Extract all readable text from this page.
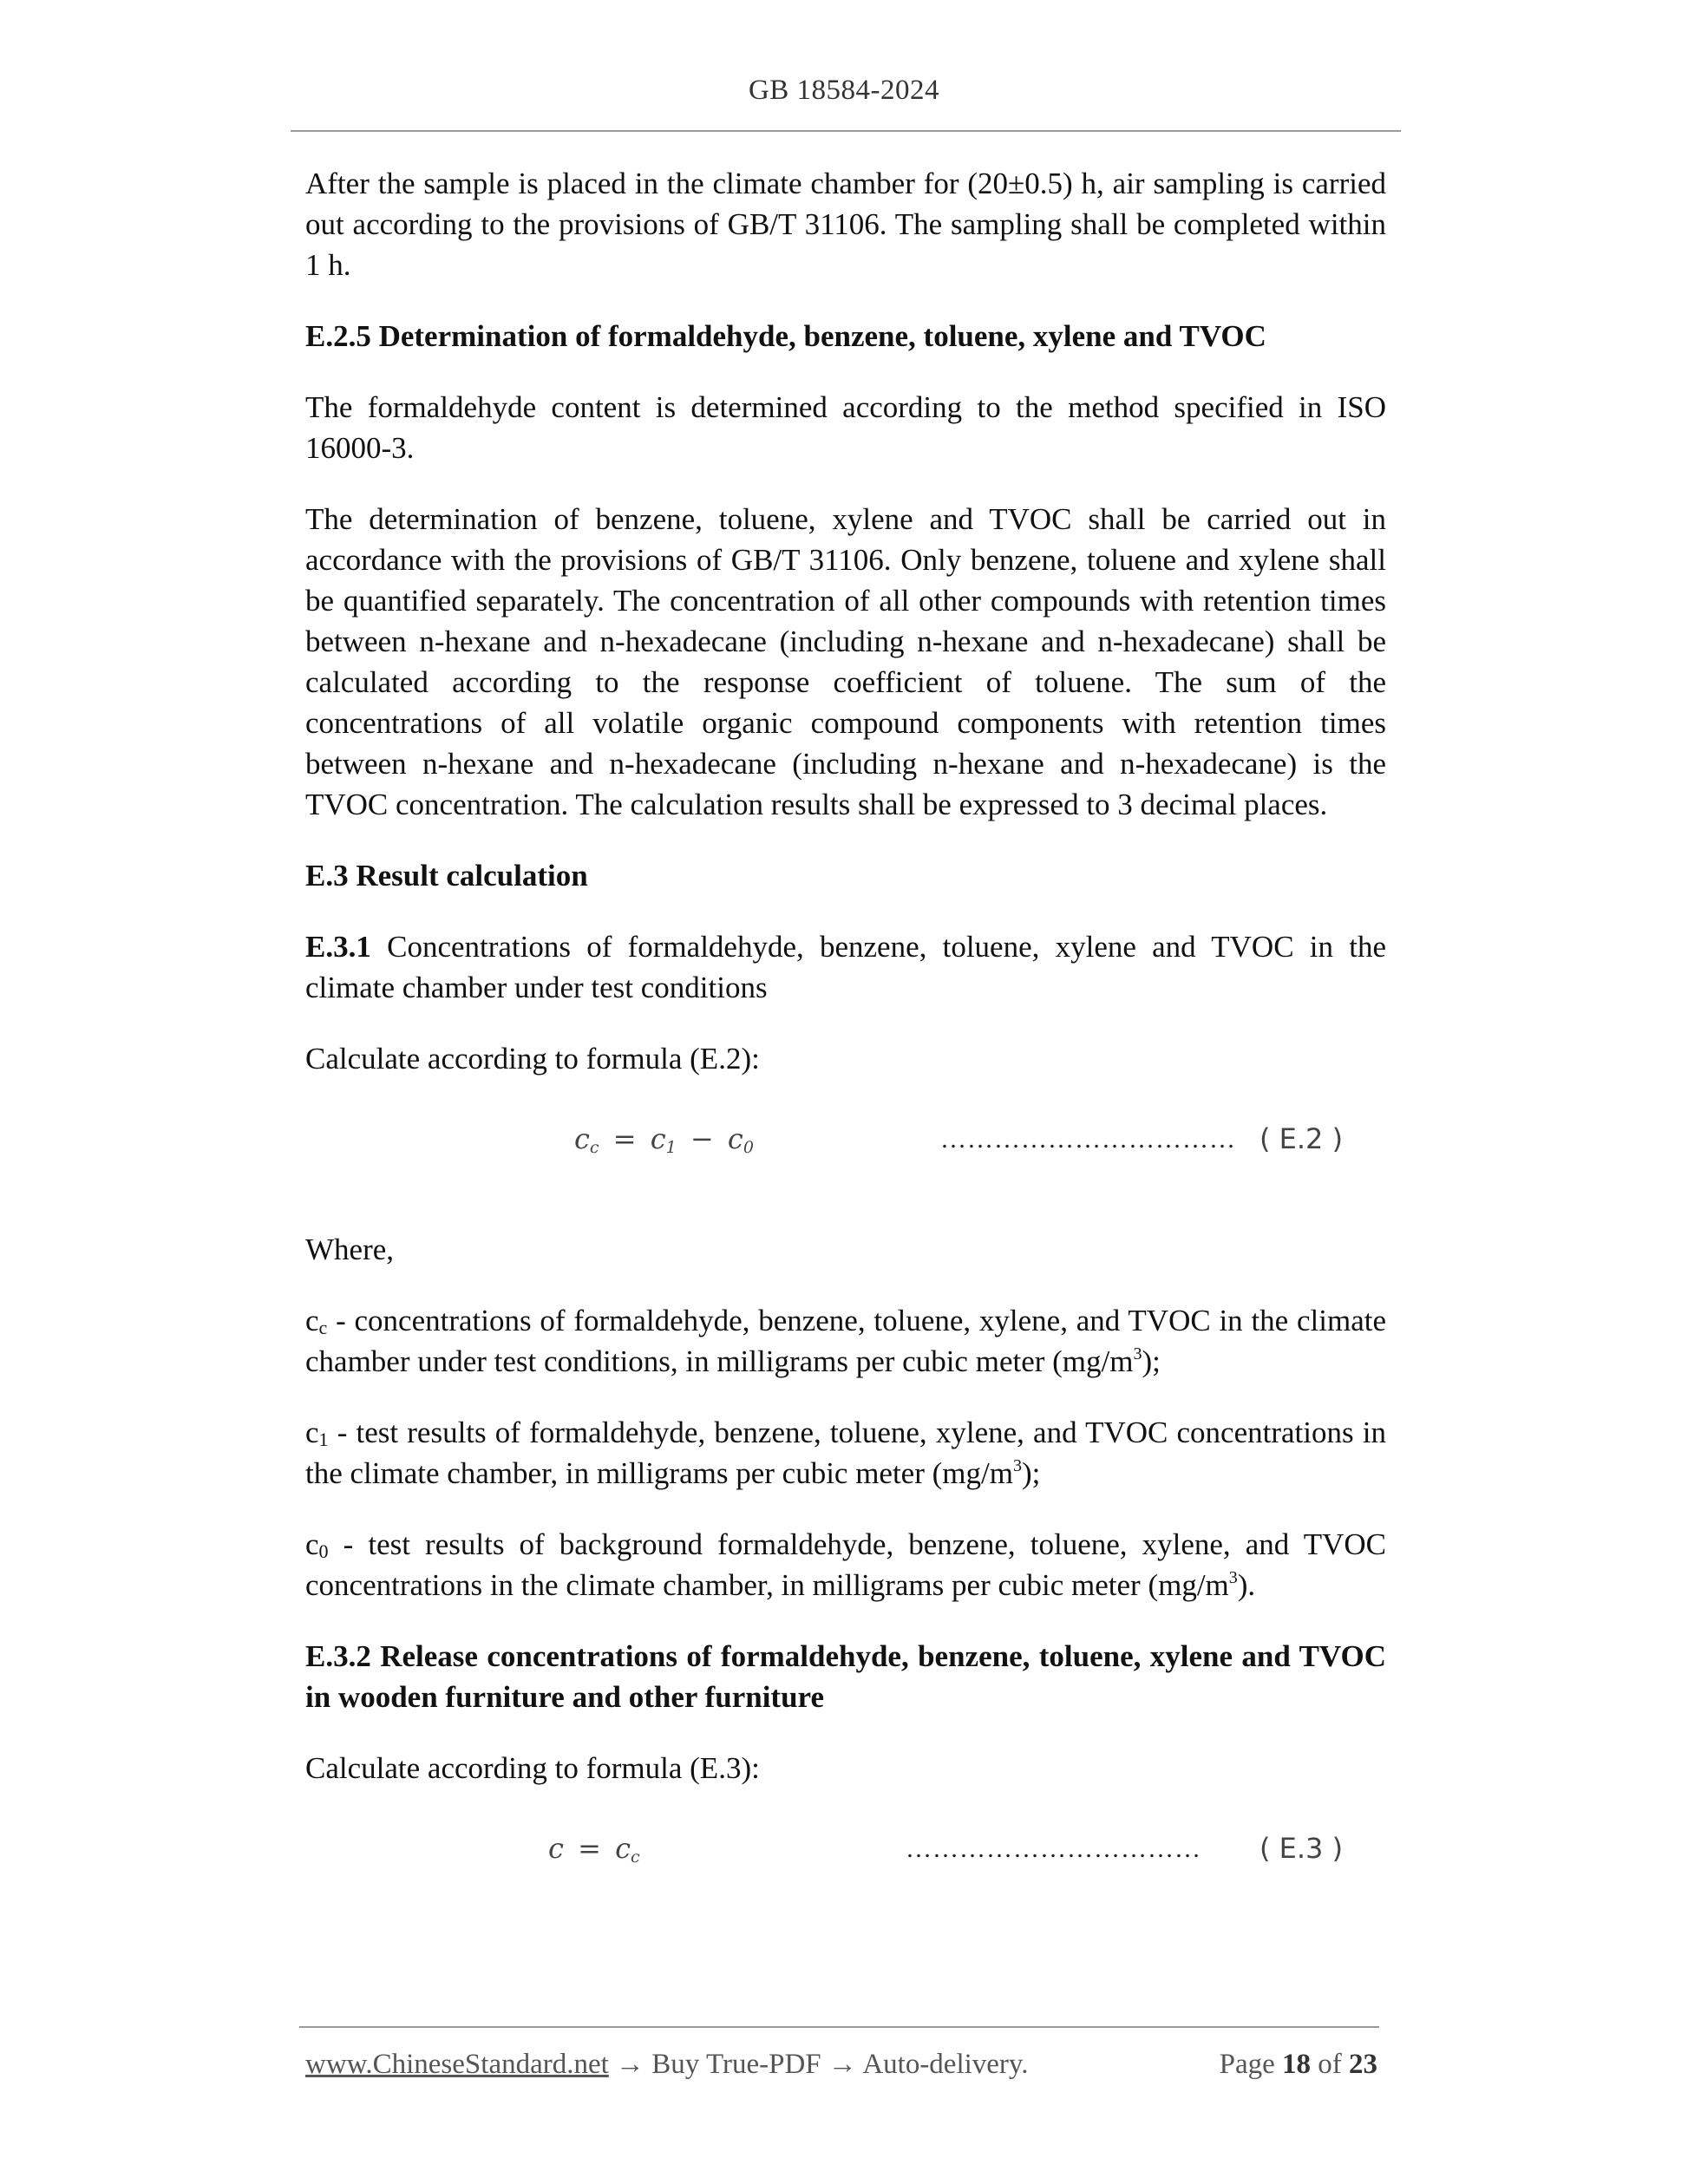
GB 18584-2024

After the sample is placed in the climate chamber for (20±0.5) h, air sampling is carried out according to the provisions of GB/T 31106. The sampling shall be completed within 1 h.

E.2.5 Determination of formaldehyde, benzene, toluene, xylene and TVOC

The formaldehyde content is determined according to the method specified in ISO 16000-3.

The determination of benzene, toluene, xylene and TVOC shall be carried out in accordance with the provisions of GB/T 31106. Only benzene, toluene and xylene shall be quantified separately. The concentration of all other compounds with retention times between n-hexane and n-hexadecane (including n-hexane and n-hexadecane) shall be calculated according to the response coefficient of toluene. The sum of the concentrations of all volatile organic compound components with retention times between n-hexane and n-hexadecane (including n-hexane and n-hexadecane) is the TVOC concentration. The calculation results shall be expressed to 3 decimal places.

E.3 Result calculation

E.3.1 Concentrations of formaldehyde, benzene, toluene, xylene and TVOC in the climate chamber under test conditions

Calculate according to formula (E.2):

$c_c = c_1 - c_0$	…………………………… ( E.2 )

Where,

$c_c$ - concentrations of formaldehyde, benzene, toluene, xylene, and TVOC in the climate chamber under test conditions, in milligrams per cubic meter $(mg/m^3)$;

$c_1$ - test results of formaldehyde, benzene, toluene, xylene, and TVOC concentrations in the climate chamber, in milligrams per cubic meter $(mg/m^3)$;

$c_0$ - test results of background formaldehyde, benzene, toluene, xylene, and TVOC concentrations in the climate chamber, in milligrams per cubic meter $(mg/m^3)$.

E.3.2 Release concentrations of formaldehyde, benzene, toluene, xylene and TVOC in wooden furniture and other furniture

Calculate according to formula (E.3):

$c = c_c$	…………………………… ( E.3 )
www.ChineseStandard.net → Buy True-PDF → Auto-delivery.	Page 18 of 23
